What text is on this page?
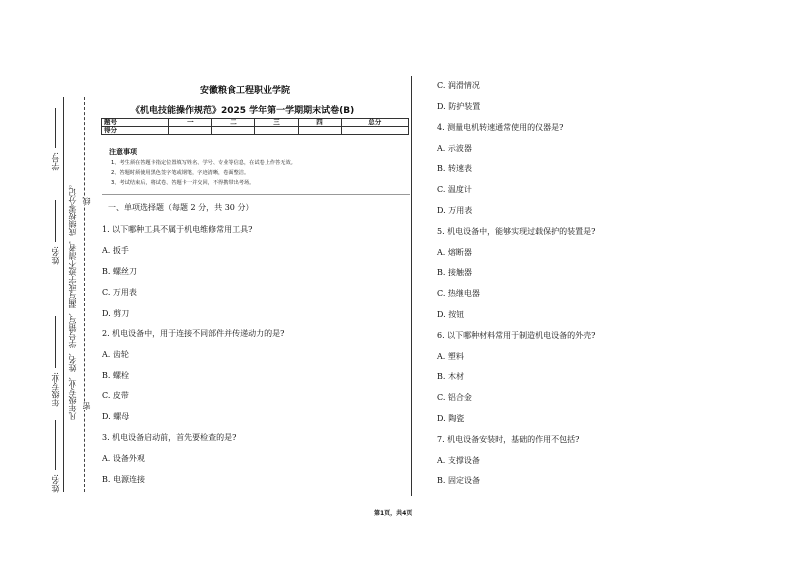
学号:
姓名:
年级专业:
姓名:
凡年级专业、姓名、学号错写、漏写或字迹不清者，成绩按零分记。 线
密
安徽粮食工程职业学院
《机电技能操作规范》2025 学年第一学期期末试卷(B)
题号	一	二	三	四	总分
得分					
注意事项
1、考生须在答题卡指定位置填写姓名、学号、专业等信息，在试卷上作答无效。
2、答题时须使用黑色签字笔或钢笔，字迹清晰，卷面整洁。
3、考试结束后，将试卷、答题卡一并交回，不得携带出考场。
一、单项选择题（每题 2 分，共 30 分）
1. 以下哪种工具不属于机电维修常用工具?
A. 扳手
B. 螺丝刀
C. 万用表
D. 剪刀
2. 机电设备中，用于连接不同部件并传递动力的是?
A. 齿轮
B. 螺栓
C. 皮带
D. 螺母
3. 机电设备启动前，首先要检查的是?
A. 设备外观
B. 电源连接
C. 润滑情况
D. 防护装置
4. 测量电机转速通常使用的仪器是?
A. 示波器
B. 转速表
C. 温度计
D. 万用表
5. 机电设备中，能够实现过载保护的装置是?
A. 熔断器
B. 接触器
C. 热继电器
D. 按钮
6. 以下哪种材料常用于制造机电设备的外壳?
A. 塑料
B. 木材
C. 铝合金
D. 陶瓷
7. 机电设备安装时，基础的作用不包括?
A. 支撑设备
B. 固定设备
第1页，共4页
